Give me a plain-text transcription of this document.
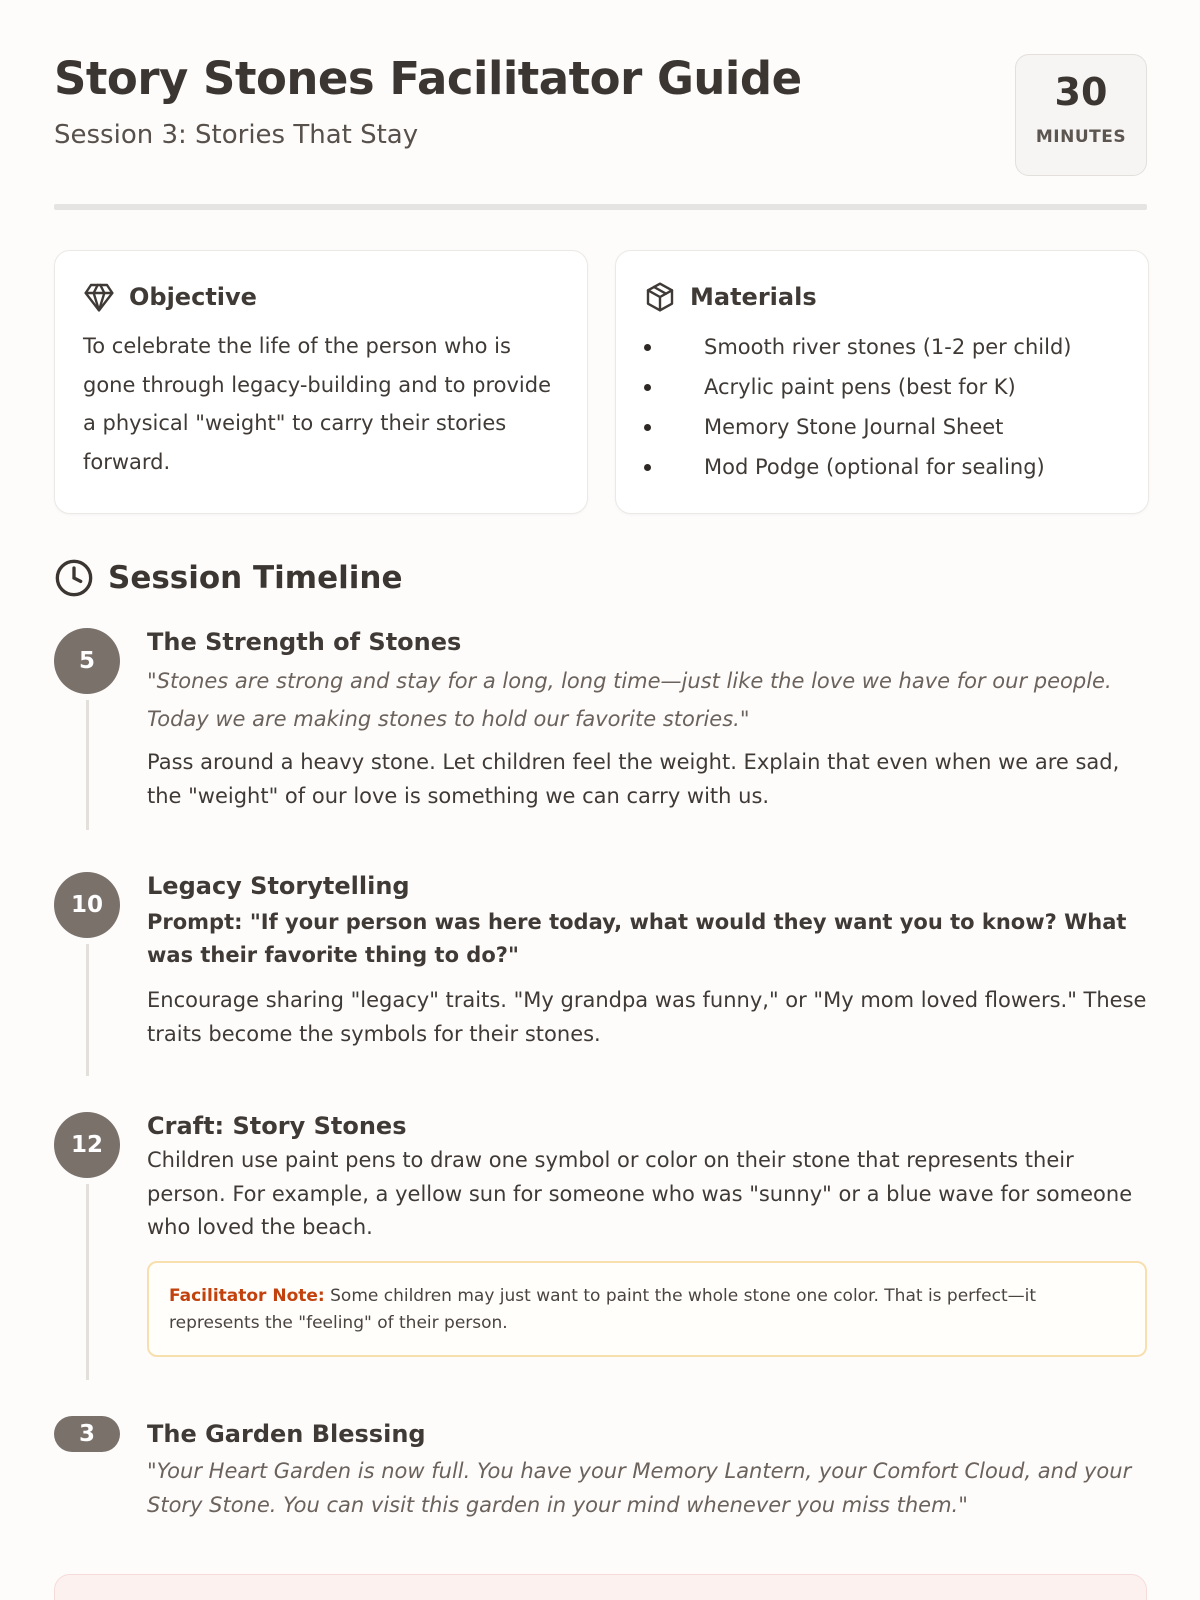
Story Stones Facilitator Guide
Session 3: Stories That Stay
30
MINUTES
Objective
To celebrate the life of the person who is gone through legacy-building and to provide a physical "weight" to carry their stories forward.
Materials
Smooth river stones (1-2 per child)
Acrylic paint pens (best for K)
Memory Stone Journal Sheet
Mod Podge (optional for sealing)
Session Timeline
5
The Strength of Stones
"Stones are strong and stay for a long, long time—just like the love we have for our people. Today we are making stones to hold our favorite stories."
Pass around a heavy stone. Let children feel the weight. Explain that even when we are sad, the "weight" of our love is something we can carry with us.
10
Legacy Storytelling
Prompt: "If your person was here today, what would they want you to know? What was their favorite thing to do?"
Encourage sharing "legacy" traits. "My grandpa was funny," or "My mom loved flowers." These traits become the symbols for their stones.
12
Craft: Story Stones
Children use paint pens to draw one symbol or color on their stone that represents their person. For example, a yellow sun for someone who was "sunny" or a blue wave for someone who loved the beach.
Facilitator Note: Some children may just want to paint the whole stone one color. That is perfect—it represents the "feeling" of their person.
3	The Garden Blessing
"Your Heart Garden is now full. You have your Memory Lantern, your Comfort Cloud, and your Story Stone. You can visit this garden in your mind whenever you miss them."
